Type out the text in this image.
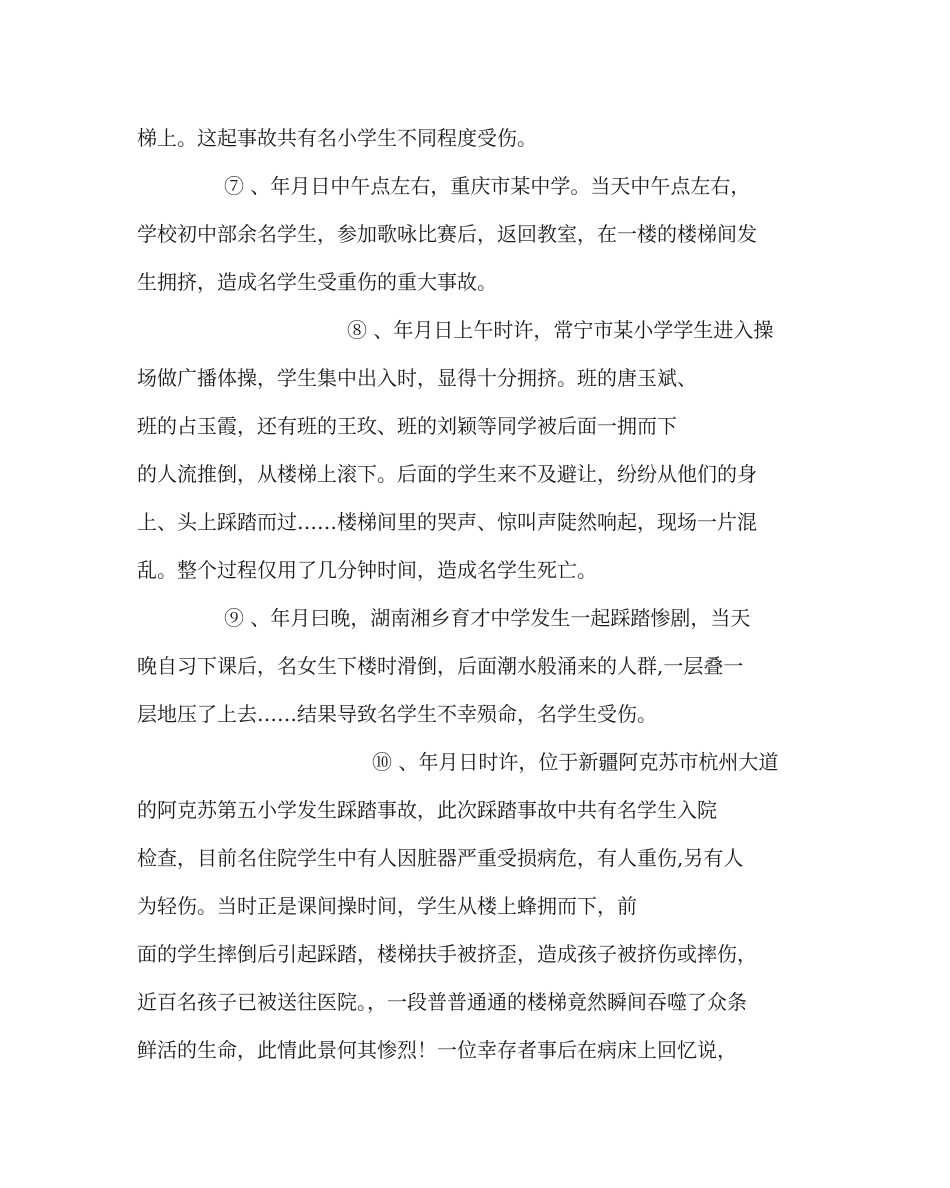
梯上。这起事故共有名小学生不同程度受伤。
⑦ 、年月日中午点左右，重庆市某中学。当天中午点左右，
学校初中部余名学生，参加歌咏比赛后，返回教室，在一楼的楼梯间发
生拥挤，造成名学生受重伤的重大事故。
⑧ 、年月日上午时许，常宁市某小学学生进入操
场做广播体操，学生集中出入时，显得十分拥挤。班的唐玉斌、
班的占玉霞，还有班的王玫、班的刘颖等同学被后面一拥而下
的人流推倒，从楼梯上滚下。后面的学生来不及避让，纷纷从他们的身
上、头上踩踏而过……楼梯间里的哭声、惊叫声陡然响起，现场一片混
乱。整个过程仅用了几分钟时间，造成名学生死亡。
⑨ 、年月曰晚，湖南湘乡育才中学发生一起踩踏惨剧，当天
晚自习下课后，名女生下楼时滑倒，后面潮水般涌来的人群,一层叠一
层地压了上去……结果导致名学生不幸殒命，名学生受伤。
⑩ 、年月日时许，位于新疆阿克苏市杭州大道
的阿克苏第五小学发生踩踏事故，此次踩踏事故中共有名学生入院
检查，目前名住院学生中有人因脏器严重受损病危，有人重伤,另有人
为轻伤。当时正是课间操时间，学生从楼上蜂拥而下，前
面的学生摔倒后引起踩踏，楼梯扶手被挤歪，造成孩子被挤伤或摔伤，
近百名孩子已被送往医院。，一段普普通通的楼梯竟然瞬间吞噬了众条
鲜活的生命，此情此景何其惨烈！一位幸存者事后在病床上回忆说，
